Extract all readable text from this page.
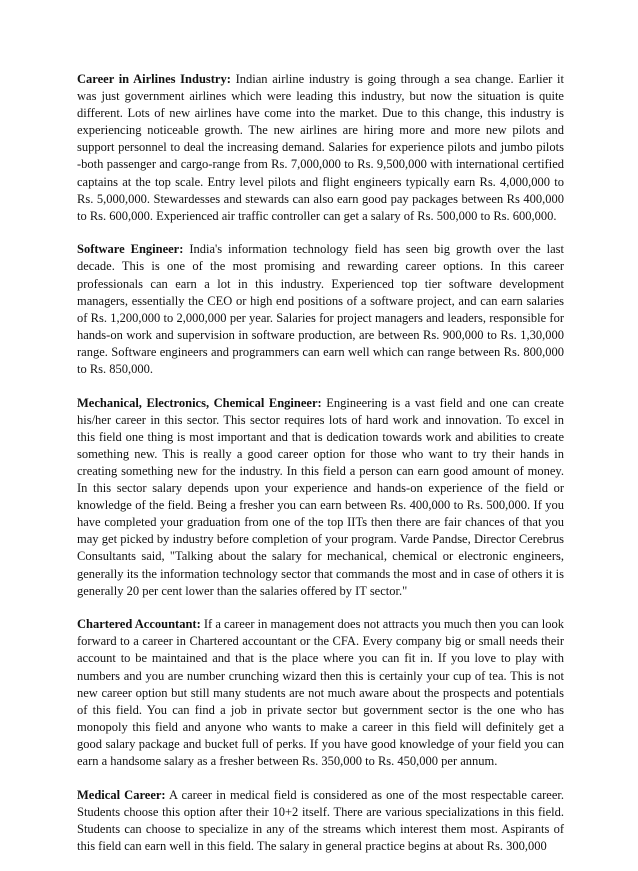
Career in Airlines Industry: Indian airline industry is going through a sea change. Earlier it was just government airlines which were leading this industry, but now the situation is quite different. Lots of new airlines have come into the market. Due to this change, this industry is experiencing noticeable growth. The new airlines are hiring more and more new pilots and support personnel to deal the increasing demand. Salaries for experience pilots and jumbo pilots -both passenger and cargo-range from Rs. 7,000,000 to Rs. 9,500,000 with international certified captains at the top scale. Entry level pilots and flight engineers typically earn Rs. 4,000,000 to Rs. 5,000,000. Stewardesses and stewards can also earn good pay packages between Rs 400,000 to Rs. 600,000. Experienced air traffic controller can get a salary of Rs. 500,000 to Rs. 600,000.

Software Engineer: India's information technology field has seen big growth over the last decade. This is one of the most promising and rewarding career options. In this career professionals can earn a lot in this industry. Experienced top tier software development managers, essentially the CEO or high end positions of a software project, and can earn salaries of Rs. 1,200,000 to 2,000,000 per year. Salaries for project managers and leaders, responsible for hands-on work and supervision in software production, are between Rs. 900,000 to Rs. 1,30,000 range. Software engineers and programmers can earn well which can range between Rs. 800,000 to Rs. 850,000.

Mechanical, Electronics, Chemical Engineer: Engineering is a vast field and one can create his/her career in this sector. This sector requires lots of hard work and innovation. To excel in this field one thing is most important and that is dedication towards work and abilities to create something new. This is really a good career option for those who want to try their hands in creating something new for the industry. In this field a person can earn good amount of money. In this sector salary depends upon your experience and hands-on experience of the field or knowledge of the field. Being a fresher you can earn between Rs. 400,000 to Rs. 500,000. If you have completed your graduation from one of the top IITs then there are fair chances of that you may get picked by industry before completion of your program. Varde Pandse, Director Cerebrus Consultants said, "Talking about the salary for mechanical, chemical or electronic engineers, generally its the information technology sector that commands the most and in case of others it is generally 20 per cent lower than the salaries offered by IT sector."

Chartered Accountant: If a career in management does not attracts you much then you can look forward to a career in Chartered accountant or the CFA. Every company big or small needs their account to be maintained and that is the place where you can fit in. If you love to play with numbers and you are number crunching wizard then this is certainly your cup of tea. This is not new career option but still many students are not much aware about the prospects and potentials of this field. You can find a job in private sector but government sector is the one who has monopoly this field and anyone who wants to make a career in this field will definitely get a good salary package and bucket full of perks. If you have good knowledge of your field you can earn a handsome salary as a fresher between Rs. 350,000 to Rs. 450,000 per annum.

Medical Career: A career in medical field is considered as one of the most respectable career. Students choose this option after their 10+2 itself. There are various specializations in this field. Students can choose to specialize in any of the streams which interest them most. Aspirants of this field can earn well in this field. The salary in general practice begins at about Rs. 300,000
